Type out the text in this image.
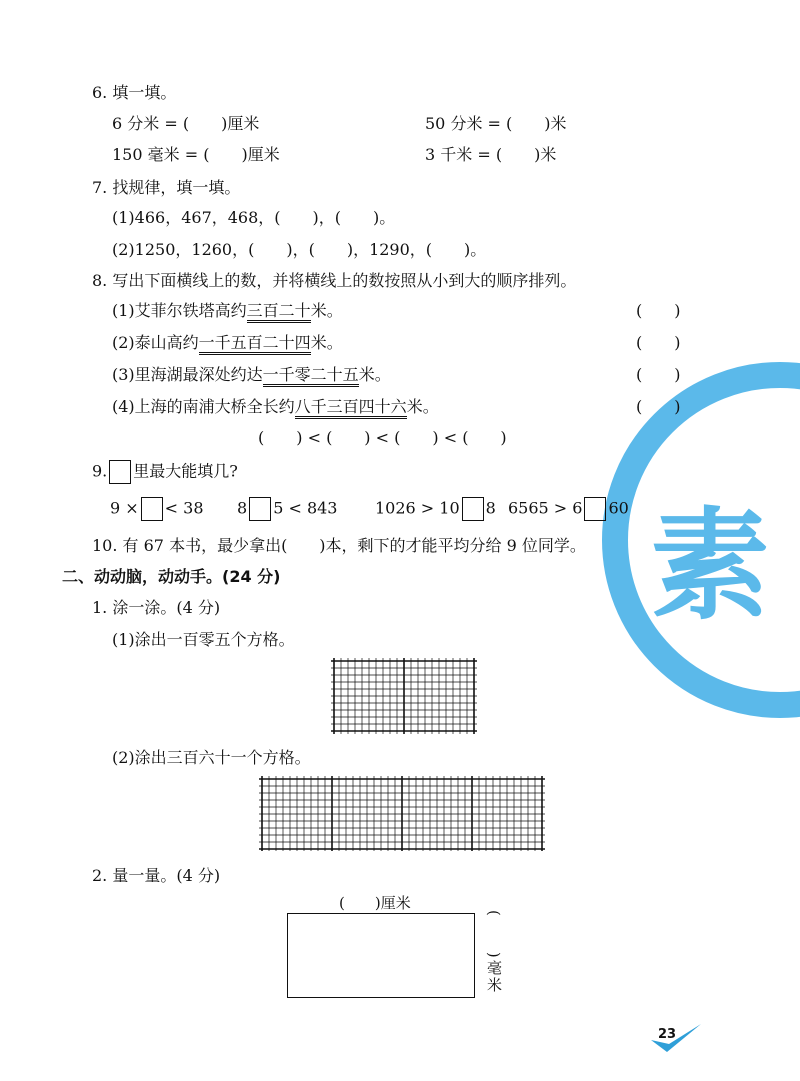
素
6. 填一填。
6 分米 = (　　)厘米	50 分米 = (　　)米
150 毫米 = (　　)厘米	3 千米 = (　　)米
7. 找规律，填一填。
(1)466，467，468，(　　)，(　　)。
(2)1250，1260，(　　)，(　　)，1290，(　　)。
8. 写出下面横线上的数，并将横线上的数按照从小到大的顺序排列。
(1)艾菲尔铁塔高约三百二十米。	(　　)
(2)泰山高约一千五百二十四米。	(　　)
(3)里海湖最深处约达一千零二十五米。	(　　)
(4)上海的南浦大桥全长约八千三百四十六米。	(　　)
(　　) < (　　) < (　　) < (　　)
9. 里最大能填几?
9 × < 38 8 5 < 843 1026 > 10 8 6565 > 6 60
10. 有 67 本书，最少拿出(　　)本，剩下的才能平均分给 9 位同学。
二、动动脑，动动手。(24 分)
1. 涂一涂。(4 分)
(1)涂出一百零五个方格。
(2)涂出三百六十一个方格。
2. 量一量。(4 分)
(　　)厘米
(　　)毫米
23
